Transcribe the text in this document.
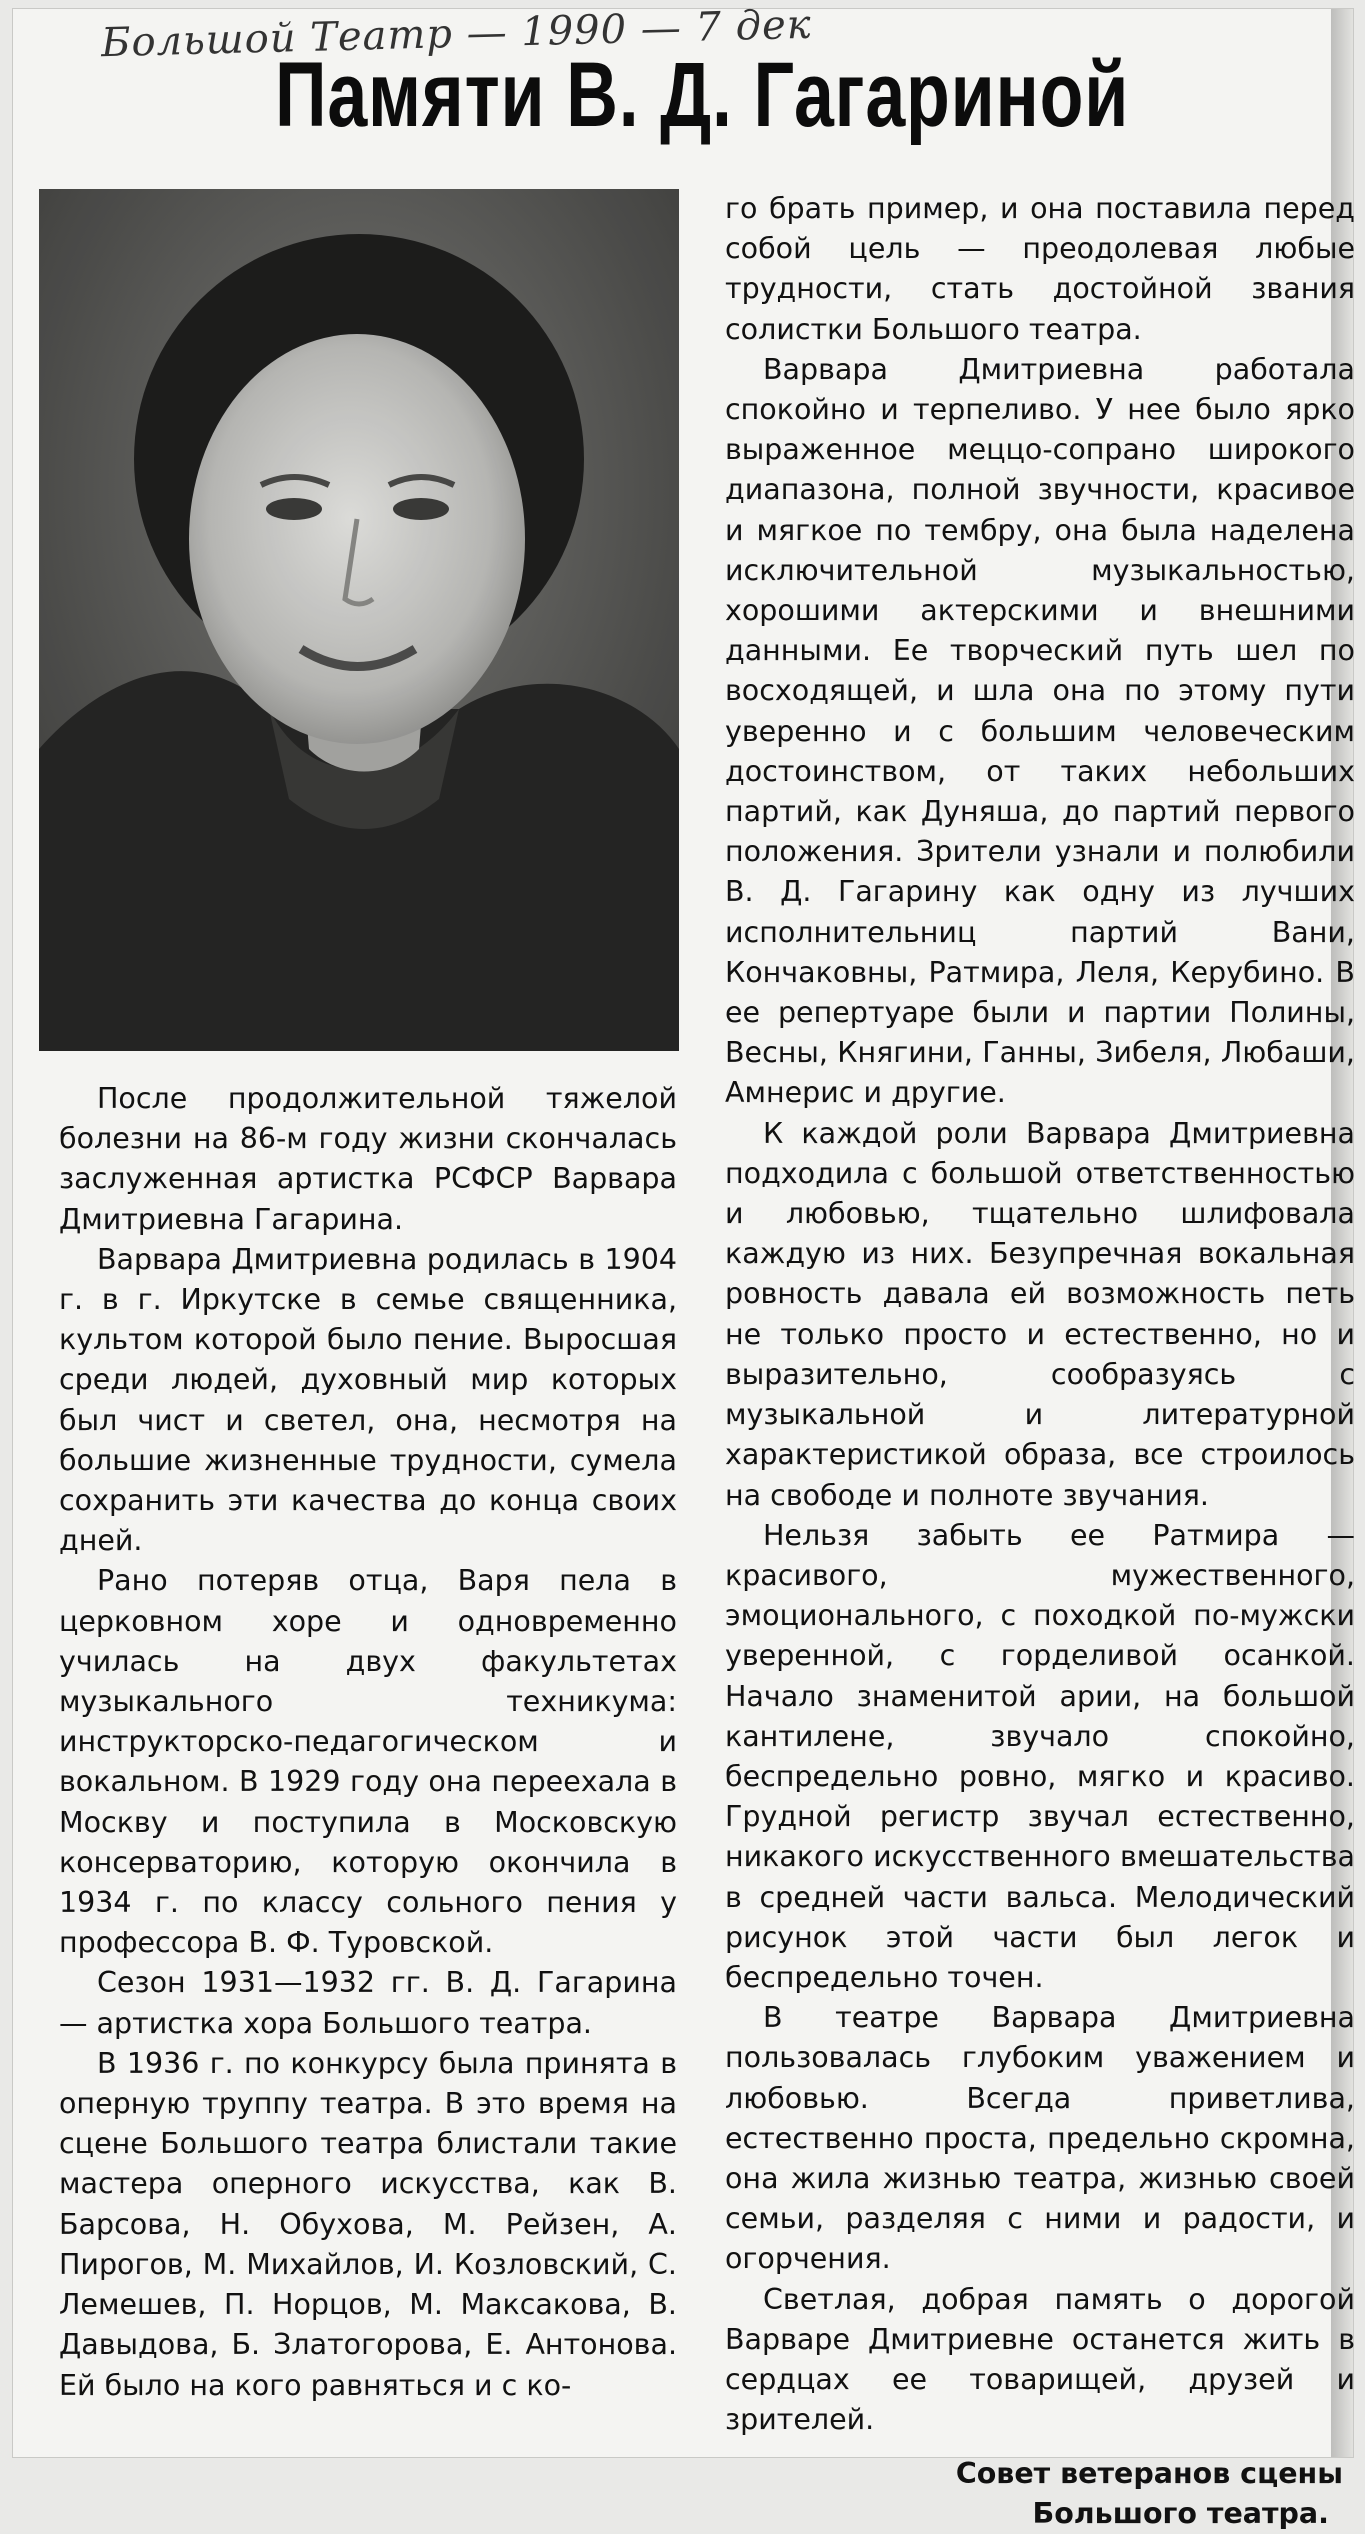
Большой Театр — 1990 — 7 дек
Памяти В. Д. Гагариной

После продолжительной тяжелой болезни на 86-м году жизни скончалась заслуженная артистка РСФСР Варвара Дмитриевна Гагарина.

Варвара Дмитриевна родилась в 1904 г. в г. Иркутске в семье священника, культом которой было пение. Выросшая среди людей, духовный мир которых был чист и светел, она, несмотря на большие жизненные трудности, сумела сохранить эти качества до конца своих дней.

Рано потеряв отца, Варя пела в церковном хоре и одновременно училась на двух факультетах музыкального техникума: инструкторско-педагогическом и вокальном. В 1929 году она переехала в Москву и поступила в Московскую консерваторию, которую окончила в 1934 г. по классу сольного пения у профессора В. Ф. Туровской.

Сезон 1931—1932 гг. В. Д. Гагарина — артистка хора Большого театра.

В 1936 г. по конкурсу была принята в оперную труппу театра. В это время на сцене Большого театра блистали такие мастера оперного искусства, как В. Барсова, Н. Обухова, М. Рейзен, А. Пирогов, М. Михайлов, И. Козловский, С. Лемешев, П. Норцов, М. Максакова, В. Давыдова, Б. Златогорова, Е. Антонова. Ей было на кого равняться и с ко-

го брать пример, и она поставила перед собой цель — преодолевая любые трудности, стать достойной звания солистки Большого театра.

Варвара Дмитриевна работала спокойно и терпеливо. У нее было ярко выраженное меццо-сопрано широкого диапазона, полной звучности, красивое и мягкое по тембру, она была наделена исключительной музыкальностью, хорошими актерскими и внешними данными. Ее творческий путь шел по восходящей, и шла она по этому пути уверенно и с большим человеческим достоинством, от таких небольших партий, как Дуняша, до партий первого положения. Зрители узнали и полюбили В. Д. Гагарину как одну из лучших исполнительниц партий Вани, Кончаковны, Ратмира, Леля, Керубино. В ее репертуаре были и партии Полины, Весны, Княгини, Ганны, Зибеля, Любаши, Амнерис и другие.

К каждой роли Варвара Дмитриевна подходила с большой ответственностью и любовью, тщательно шлифовала каждую из них. Безупречная вокальная ровность давала ей возможность петь не только просто и естественно, но и выразительно, сообразуясь с музыкальной и литературной характеристикой образа, все строилось на свободе и полноте звучания.

Нельзя забыть ее Ратмира — красивого, мужественного, эмоционального, с походкой по-мужски уверенной, с горделивой осанкой. Начало знаменитой арии, на большой кантилене, звучало спокойно, беспредельно ровно, мягко и красиво. Грудной регистр звучал естественно, никакого искусственного вмешательства в средней части вальса. Мелодический рисунок этой части был легок и беспредельно точен.

В театре Варвара Дмитриевна пользовалась глубоким уважением и любовью. Всегда приветлива, естественно проста, предельно скромна, она жила жизнью театра, жизнью своей семьи, разделяя с ними и радости, и огорчения.

Светлая, добрая память о дорогой Варваре Дмитриевне останется жить в сердцах ее товарищей, друзей и зрителей.

Совет ветеранов сцены
Большого театра.
